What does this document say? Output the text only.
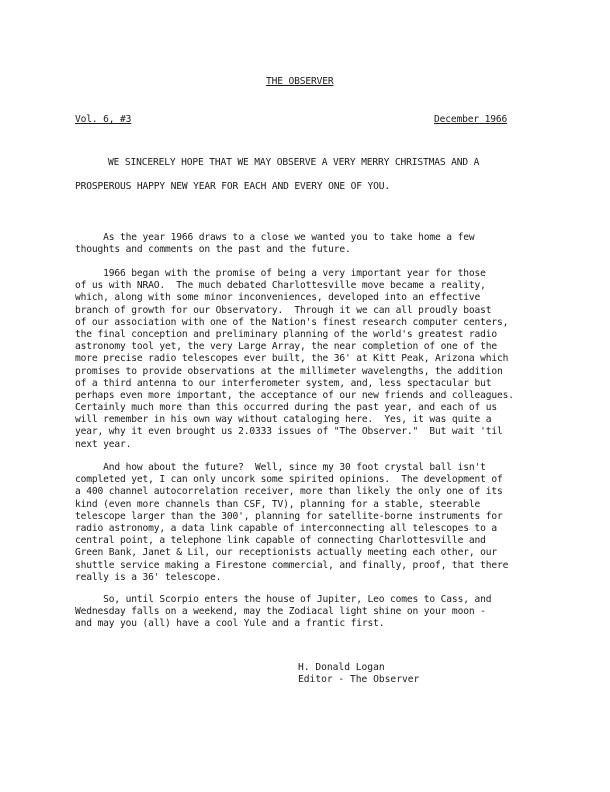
THE OBSERVER
Vol. 6, #3	December 1966
WE SINCERELY HOPE THAT WE MAY OBSERVE A VERY MERRY CHRISTMAS AND A
PROSPEROUS HAPPY NEW YEAR FOR EACH AND EVERY ONE OF YOU.
As the year 1966 draws to a close we wanted you to take home a few
thoughts and comments on the past and the future.
1966 began with the promise of being a very important year for those
of us with NRAO.  The much debated Charlottesville move became a reality,
which, along with some minor inconveniences, developed into an effective
branch of growth for our Observatory.  Through it we can all proudly boast
of our association with one of the Nation's finest research computer centers,
the final conception and preliminary planning of the world's greatest radio
astronomy tool yet, the very Large Array, the near completion of one of the
more precise radio telescopes ever built, the 36' at Kitt Peak, Arizona which
promises to provide observations at the millimeter wavelengths, the addition
of a third antenna to our interferometer system, and, less spectacular but
perhaps even more important, the acceptance of our new friends and colleagues.
Certainly much more than this occurred during the past year, and each of us
will remember in his own way without cataloging here.  Yes, it was quite a
year, why it even brought us 2.0333 issues of "The Observer."  But wait 'til
next year.
And how about the future?  Well, since my 30 foot crystal ball isn't
completed yet, I can only uncork some spirited opinions.  The development of
a 400 channel autocorrelation receiver, more than likely the only one of its
kind (even more channels than CSF, TV), planning for a stable, steerable
telescope larger than the 300', planning for satellite-borne instruments for
radio astronomy, a data link capable of interconnecting all telescopes to a
central point, a telephone link capable of connecting Charlottesville and
Green Bank, Janet & Lil, our receptionists actually meeting each other, our
shuttle service making a Firestone commercial, and finally, proof, that there
really is a 36' telescope.
So, until Scorpio enters the house of Jupiter, Leo comes to Cass, and
Wednesday falls on a weekend, may the Zodiacal light shine on your moon -
and may you (all) have a cool Yule and a frantic first.
H. Donald Logan
Editor - The Observer
